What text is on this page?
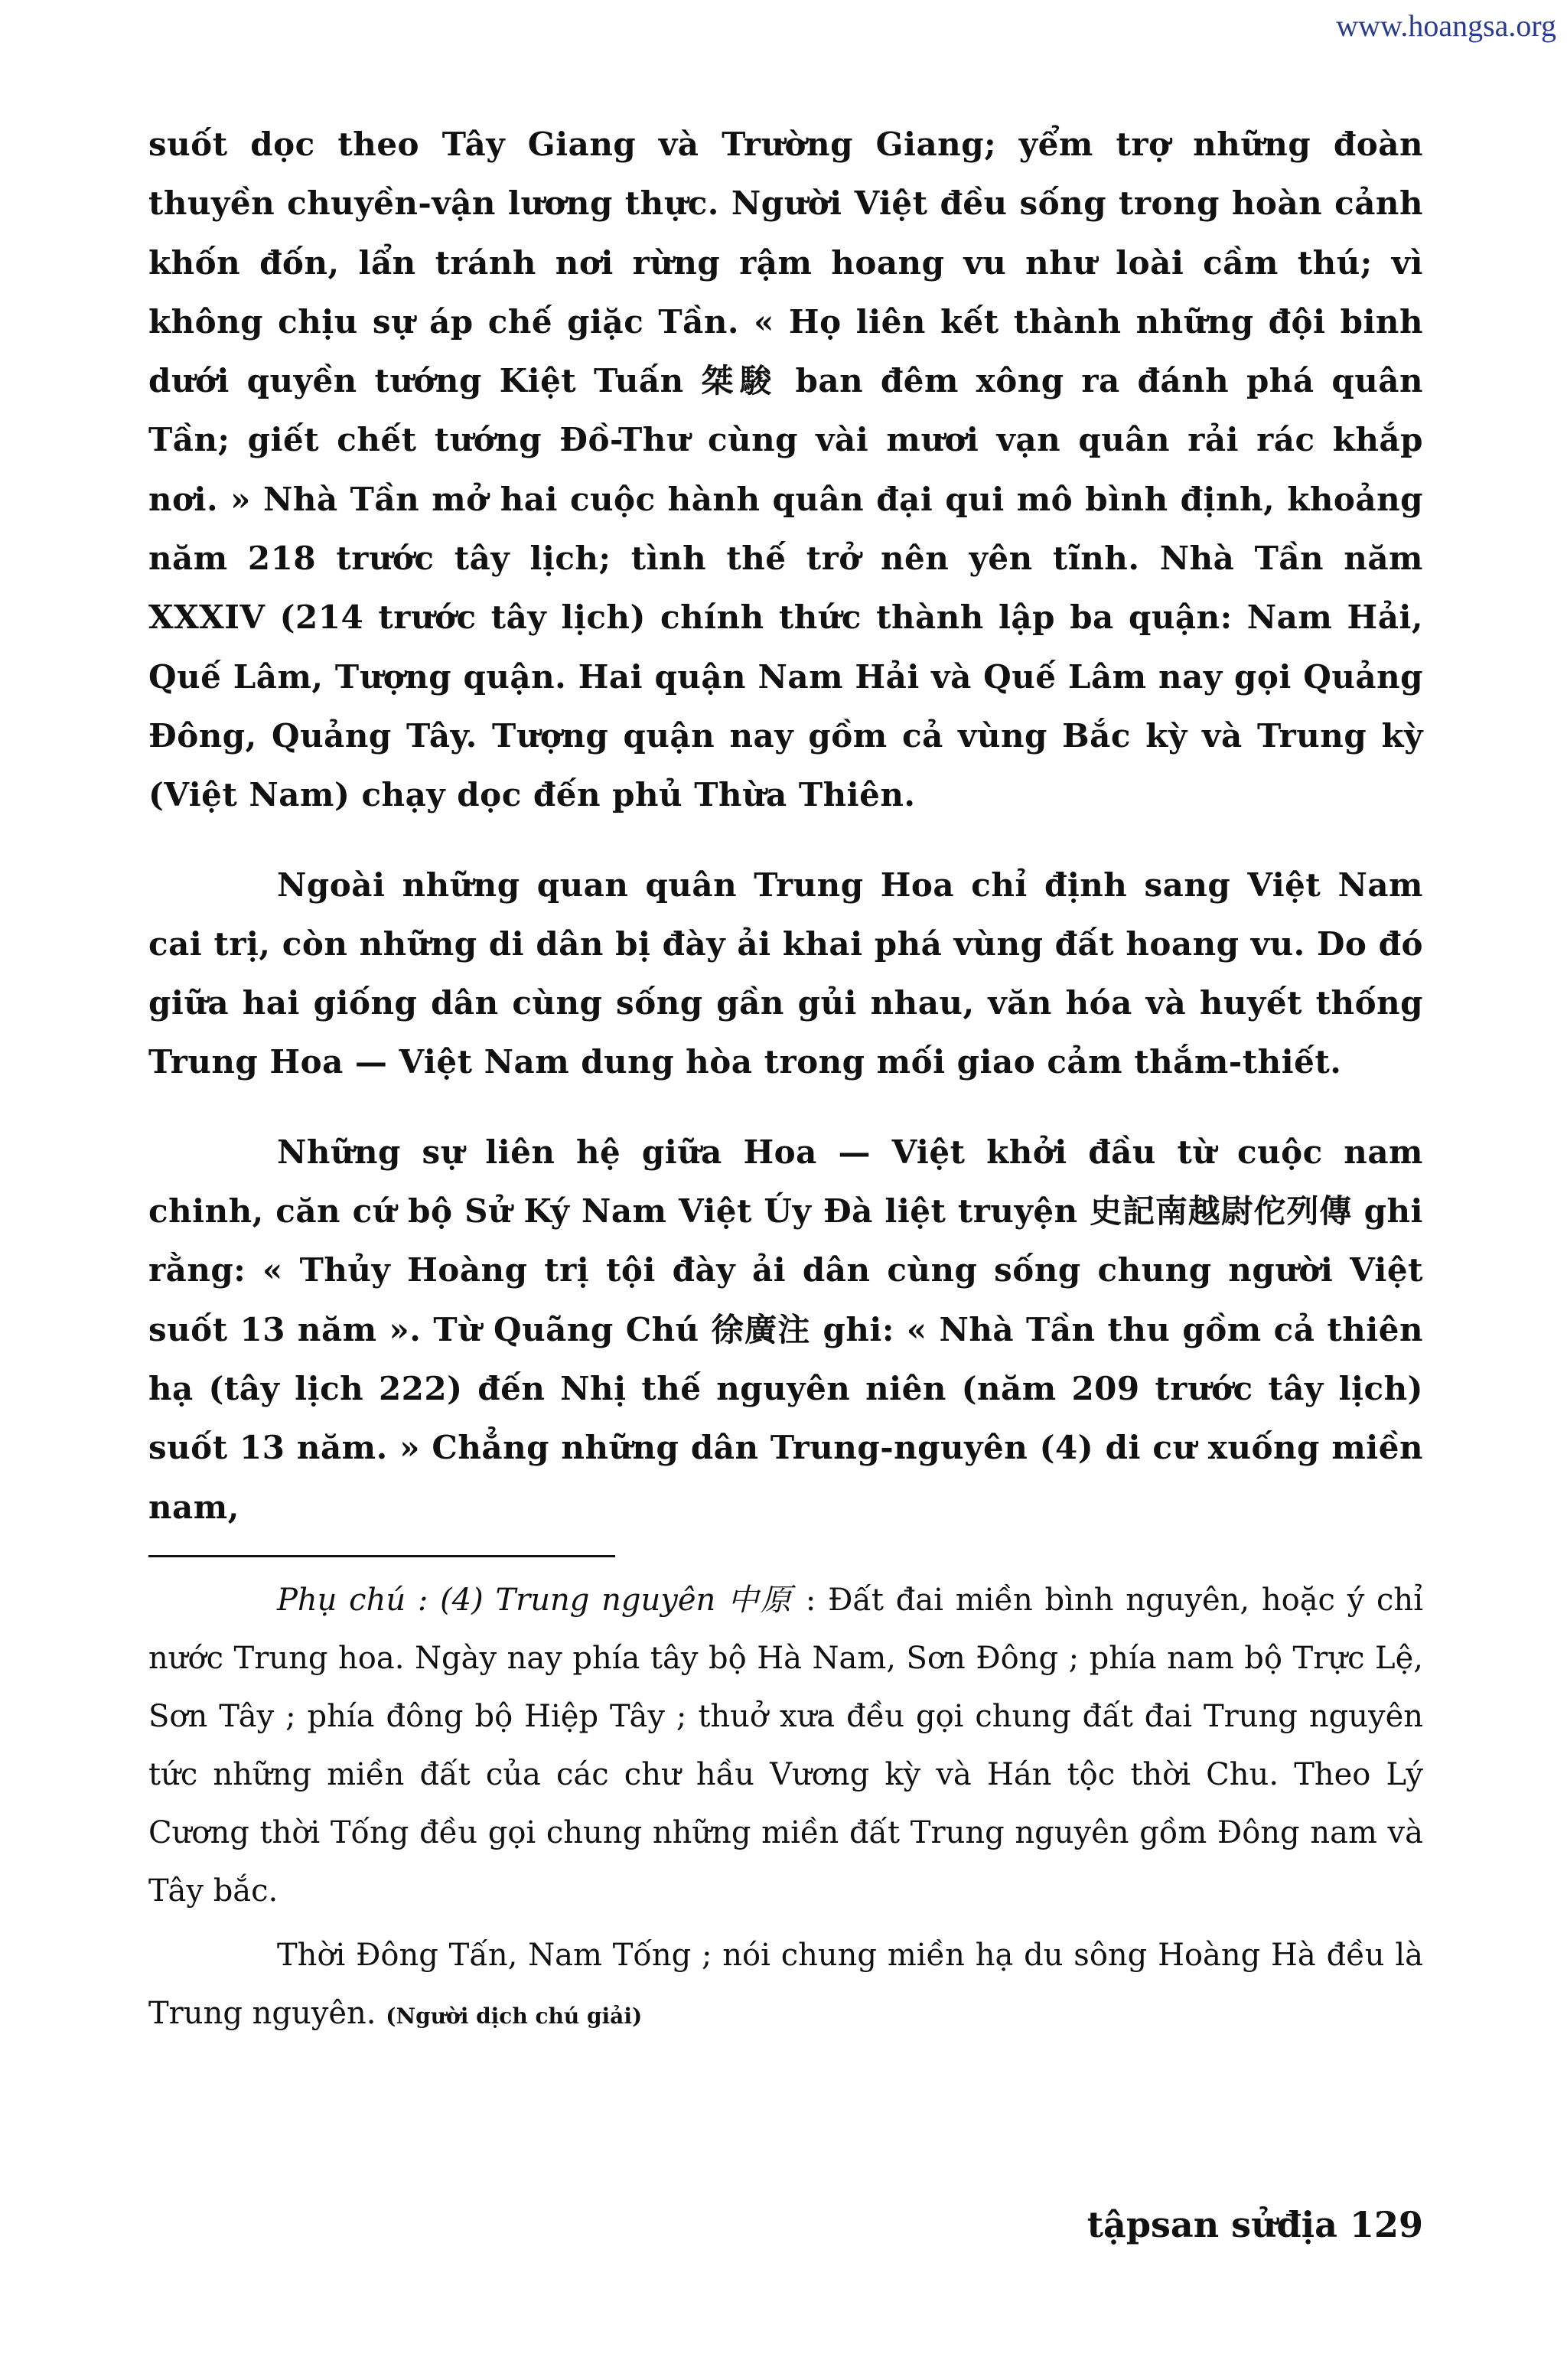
www.hoangsa.org

suốt dọc theo Tây Giang và Trường Giang; yểm trợ những đoàn thuyền chuyền-vận lương thực. Người Việt đều sống trong hoàn cảnh khốn đốn, lẩn tránh nơi rừng rậm hoang vu như loài cầm thú; vì không chịu sự áp chế giặc Tần. « Họ liên kết thành những đội binh dưới quyền tướng Kiệt Tuấn 桀駿 ban đêm xông ra đánh phá quân Tần; giết chết tướng Đồ-Thư cùng vài mươi vạn quân rải rác khắp nơi. » Nhà Tần mở hai cuộc hành quân đại qui mô bình định, khoảng năm 218 trước tây lịch; tình thế trở nên yên tĩnh. Nhà Tần năm XXXIV (214 trước tây lịch) chính thức thành lập ba quận: Nam Hải, Quế Lâm, Tượng quận. Hai quận Nam Hải và Quế Lâm nay gọi Quảng Đông, Quảng Tây. Tượng quận nay gồm cả vùng Bắc kỳ và Trung kỳ (Việt Nam) chạy dọc đến phủ Thừa Thiên.

Ngoài những quan quân Trung Hoa chỉ định sang Việt Nam cai trị, còn những di dân bị đày ải khai phá vùng đất hoang vu. Do đó giữa hai giống dân cùng sống gần gủi nhau, văn hóa và huyết thống Trung Hoa — Việt Nam dung hòa trong mối giao cảm thắm-thiết.

Những sự liên hệ giữa Hoa — Việt khởi đầu từ cuộc nam chinh, căn cứ bộ Sử Ký Nam Việt Úy Đà liệt truyện 史記南越尉佗列傳 ghi rằng: « Thủy Hoàng trị tội đày ải dân cùng sống chung người Việt suốt 13 năm ». Từ Quãng Chú 徐廣注 ghi: « Nhà Tần thu gồm cả thiên hạ (tây lịch 222) đến Nhị thế nguyên niên (năm 209 trước tây lịch) suốt 13 năm. » Chẳng những dân Trung-nguyên (4) di cư xuống miền nam,

Phụ chú : (4) Trung nguyên 中原 : Đất đai miền bình nguyên, hoặc ý chỉ nước Trung hoa. Ngày nay phía tây bộ Hà Nam, Sơn Đông ; phía nam bộ Trực Lệ, Sơn Tây ; phía đông bộ Hiệp Tây ; thuở xưa đều gọi chung đất đai Trung nguyên tức những miền đất của các chư hầu Vương kỳ và Hán tộc thời Chu. Theo Lý Cương thời Tống đều gọi chung những miền đất Trung nguyên gồm Đông nam và Tây bắc.

Thời Đông Tấn, Nam Tống ; nói chung miền hạ du sông Hoàng Hà đều là Trung nguyên. (Người dịch chú giải)

tậpsan sửđịa 129
